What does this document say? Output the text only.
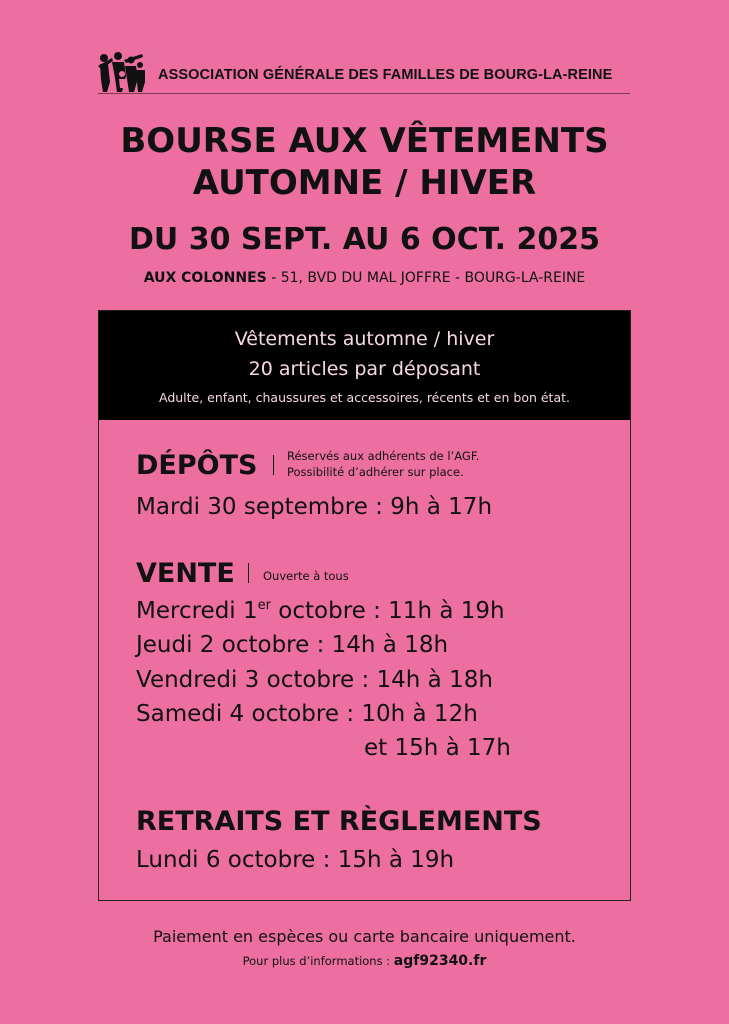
ASSOCIATION GÉNÉRALE DES FAMILLES DE BOURG-LA-REINE
BOURSE AUX VÊTEMENTS
AUTOMNE / HIVER
DU 30 SEPT. AU 6 OCT. 2025
AUX COLONNES - 51, BVD DU MAL JOFFRE - BOURG-LA-REINE
Vêtements automne / hiver
20 articles par déposant
Adulte, enfant, chaussures et accessoires, récents et en bon état.
DÉPÔTS	Réservés aux adhérents de l’AGF.
Possibilité d’adhérer sur place.
Mardi 30 septembre : 9h à 17h
VENTE Ouverte à tous
Mercredi 1er octobre : 11h à 19h
Jeudi 2 octobre : 14h à 18h
Vendredi 3 octobre : 14h à 18h
Samedi 4 octobre : 10h à 12h
et 15h à 17h
RETRAITS ET RÈGLEMENTS
Lundi 6 octobre : 15h à 19h
Paiement en espèces ou carte bancaire uniquement.
Pour plus d’informations : agf92340.fr
